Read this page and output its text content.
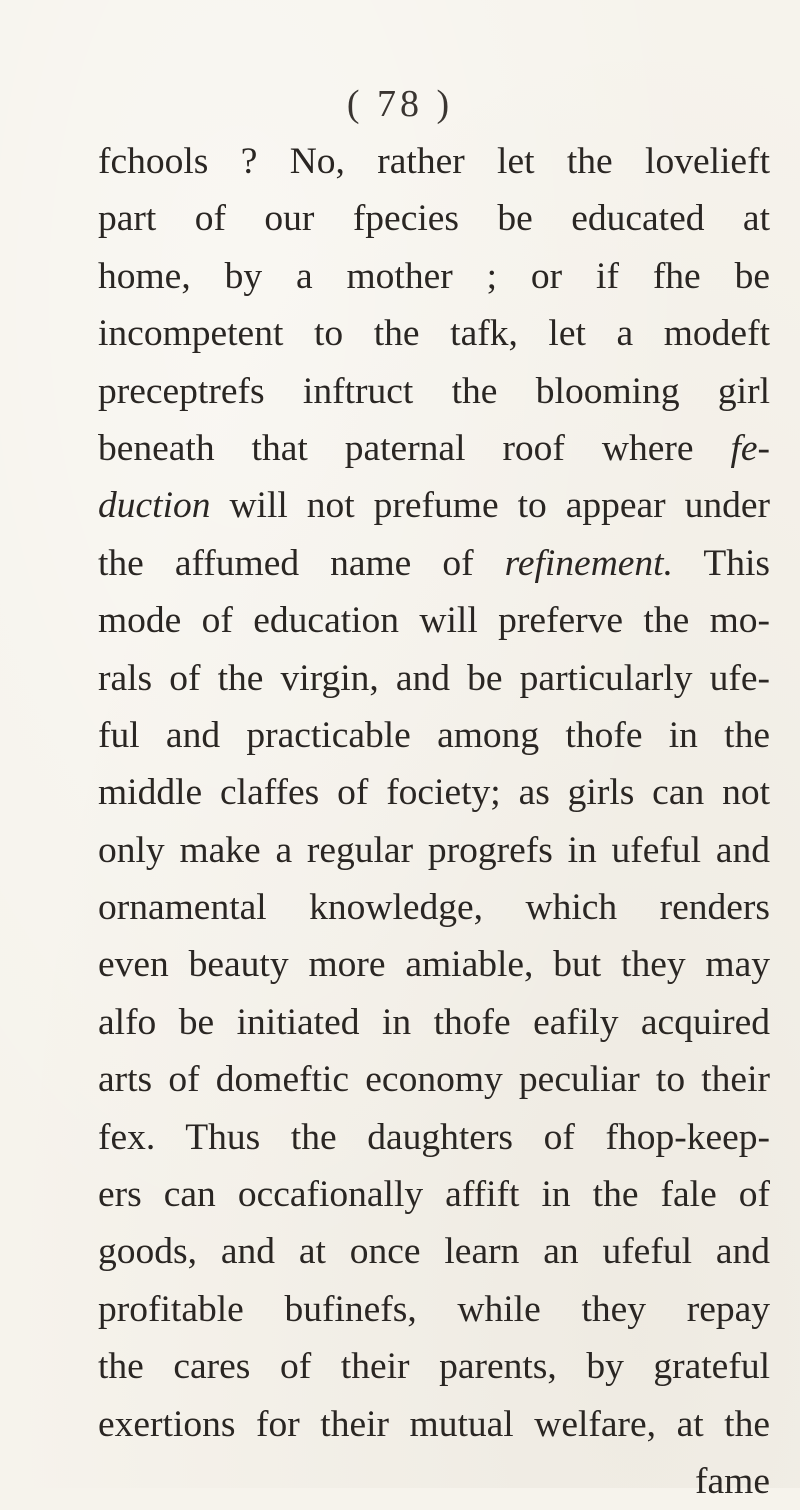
( 78 )
fchools ? No, rather let the lovelieft
part of our fpecies be educated at
home, by a mother ; or if fhe be
incompetent to the tafk, let a modeft
preceptrefs inftruct the blooming girl
beneath that paternal roof where fe-
duction will not prefume to appear under
the affumed name of refinement. This
mode of education will preferve the mo-
rals of the virgin, and be particularly ufe-
ful and practicable among thofe in the
middle claffes of fociety; as girls can not
only make a regular progrefs in ufeful and
ornamental knowledge, which renders
even beauty more amiable, but they may
alfo be initiated in thofe eafily acquired
arts of domeftic economy peculiar to their
fex. Thus the daughters of fhop-keep-
ers can occafionally affift in the fale of
goods, and at once learn an ufeful and
profitable bufinefs, while they repay
the cares of their parents, by grateful
exertions for their mutual welfare, at the
fame
